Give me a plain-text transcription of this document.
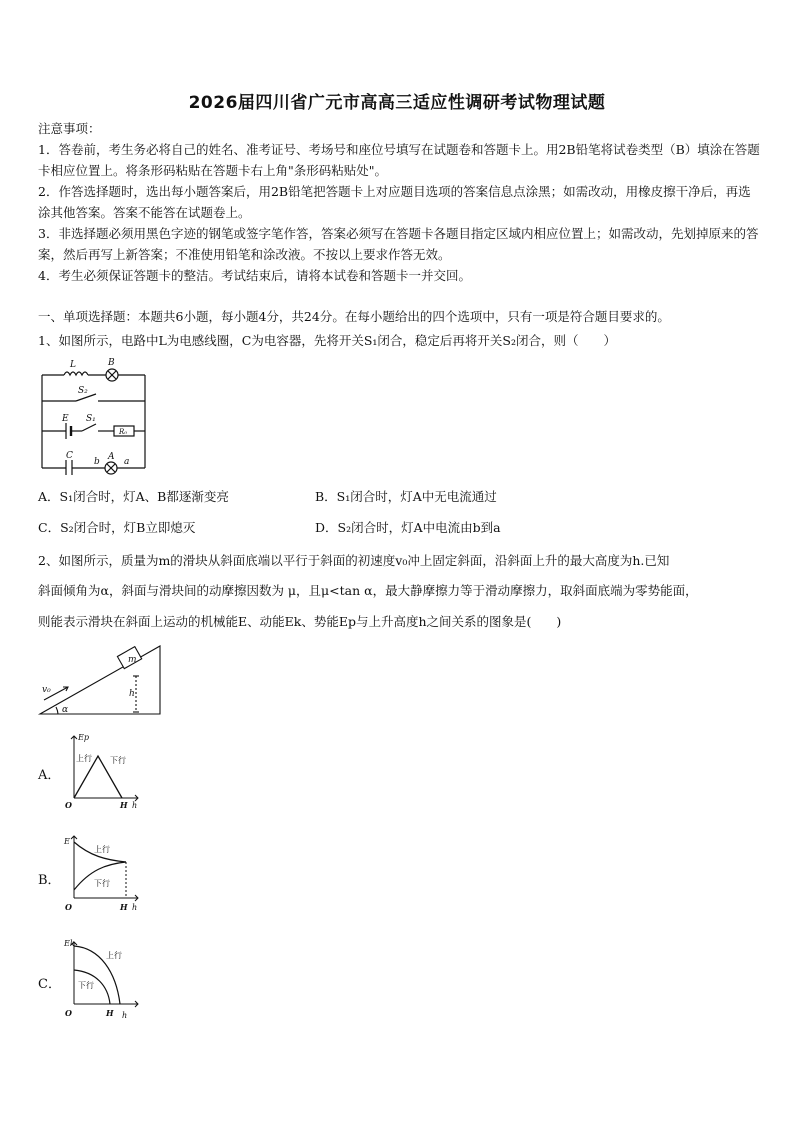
2026届四川省广元市高高三适应性调研考试物理试题
注意事项：
1．答卷前，考生务必将自己的姓名、准考证号、考场号和座位号填写在试题卷和答题卡上。用2B铅笔将试卷类型（B）填涂在答题卡相应位置上。将条形码粘贴在答题卡右上角"条形码粘贴处"。
2．作答选择题时，选出每小题答案后，用2B铅笔把答题卡上对应题目选项的答案信息点涂黑；如需改动，用橡皮擦干净后，再选涂其他答案。答案不能答在试题卷上。
3．非选择题必须用黑色字迹的钢笔或签字笔作答，答案必须写在答题卡各题目指定区域内相应位置上；如需改动，先划掉原来的答案，然后再写上新答案；不准使用铅笔和涂改液。不按以上要求作答无效。
4．考生必须保证答题卡的整洁。考试结束后，请将本试卷和答题卡一并交回。
一、单项选择题：本题共6小题，每小题4分，共24分。在每小题给出的四个选项中，只有一项是符合题目要求的。
1、如图所示，电路中L为电感线圈，C为电容器，先将开关S₁闭合，稳定后再将开关S₂闭合，则（　　）
L	B
S₂
E S₁
R₀
C
b A a
A．S₁闭合时，灯A、B都逐渐变亮	B．S₁闭合时，灯A中无电流通过
C．S₂闭合时，灯B立即熄灭	D．S₂闭合时，灯A中电流由b到a
2、如图所示，质量为m的滑块从斜面底端以平行于斜面的初速度v₀冲上固定斜面，沿斜面上升的最大高度为h.已知
斜面倾角为α，斜面与滑块间的动摩擦因数为 μ，且μ<tan α，最大静摩擦力等于滑动摩擦力，取斜面底端为零势能面，
则能表示滑块在斜面上运动的机械能E、动能Ek、势能Ep与上升高度h之间关系的图象是(　　)
m
v₀	h
α
A．
Ep
上行 下行
O	H h
B．
E
上行
下行
O	H h
C．
Ek
上行
下行
O	H h
